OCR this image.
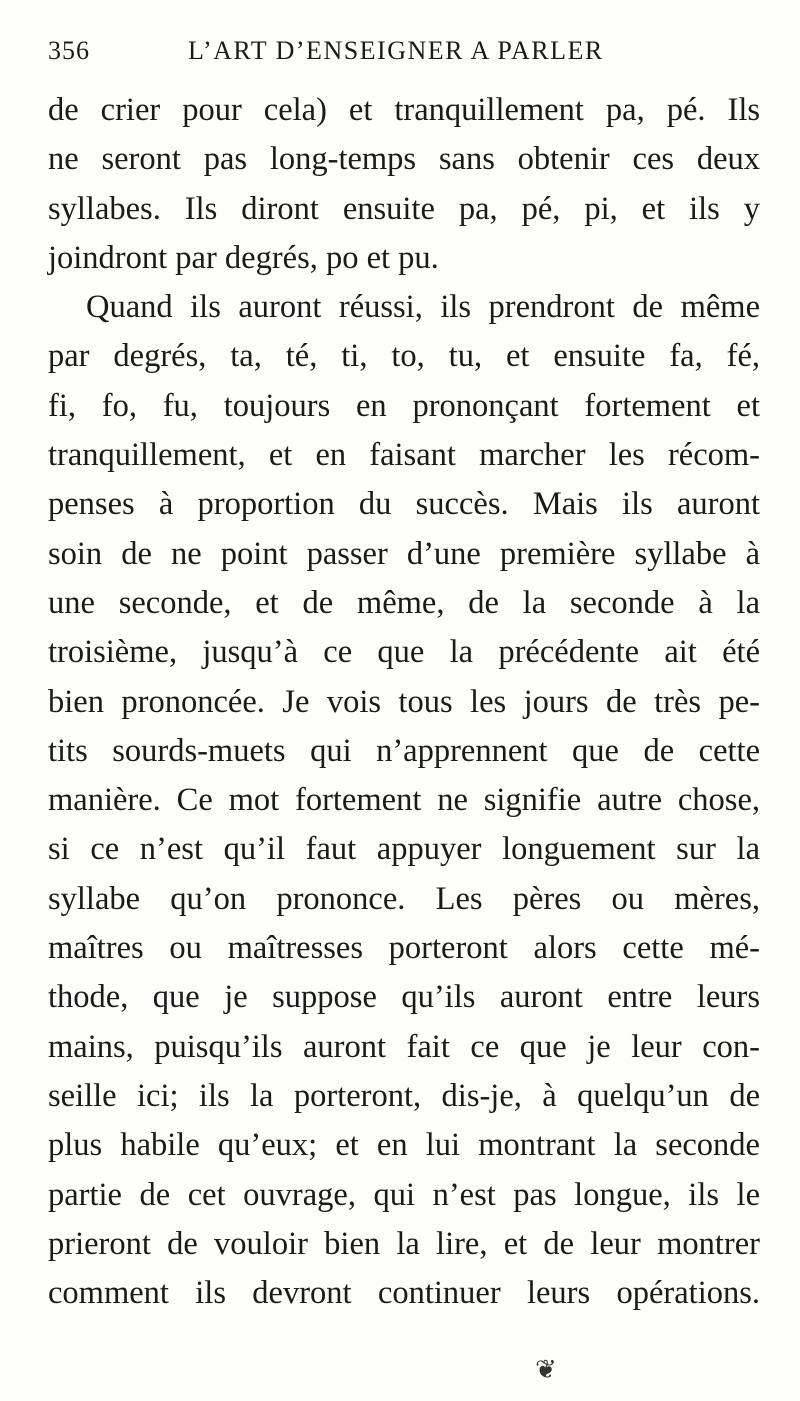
356	L’ART D’ENSEIGNER A PARLER
de crier pour cela) et tranquillement pa, pé. Ils
ne seront pas long-temps sans obtenir ces deux
syllabes. Ils diront ensuite pa, pé, pi, et ils y
joindront par degrés, po et pu.
Quand ils auront réussi, ils prendront de même
par degrés, ta, té, ti, to, tu, et ensuite fa, fé,
fi, fo, fu, toujours en prononçant fortement et
tranquillement, et en faisant marcher les récom-
penses à proportion du succès. Mais ils auront
soin de ne point passer d’une première syllabe à
une seconde, et de même, de la seconde à la
troisième, jusqu’à ce que la précédente ait été
bien prononcée. Je vois tous les jours de très pe-
tits sourds-muets qui n’apprennent que de cette
manière. Ce mot fortement ne signifie autre chose,
si ce n’est qu’il faut appuyer longuement sur la
syllabe qu’on prononce. Les pères ou mères,
maîtres ou maîtresses porteront alors cette mé-
thode, que je suppose qu’ils auront entre leurs
mains, puisqu’ils auront fait ce que je leur con-
seille ici; ils la porteront, dis-je, à quelqu’un de
plus habile qu’eux; et en lui montrant la seconde
partie de cet ouvrage, qui n’est pas longue, ils le
prieront de vouloir bien la lire, et de leur montrer
comment ils devront continuer leurs opérations.
❦
